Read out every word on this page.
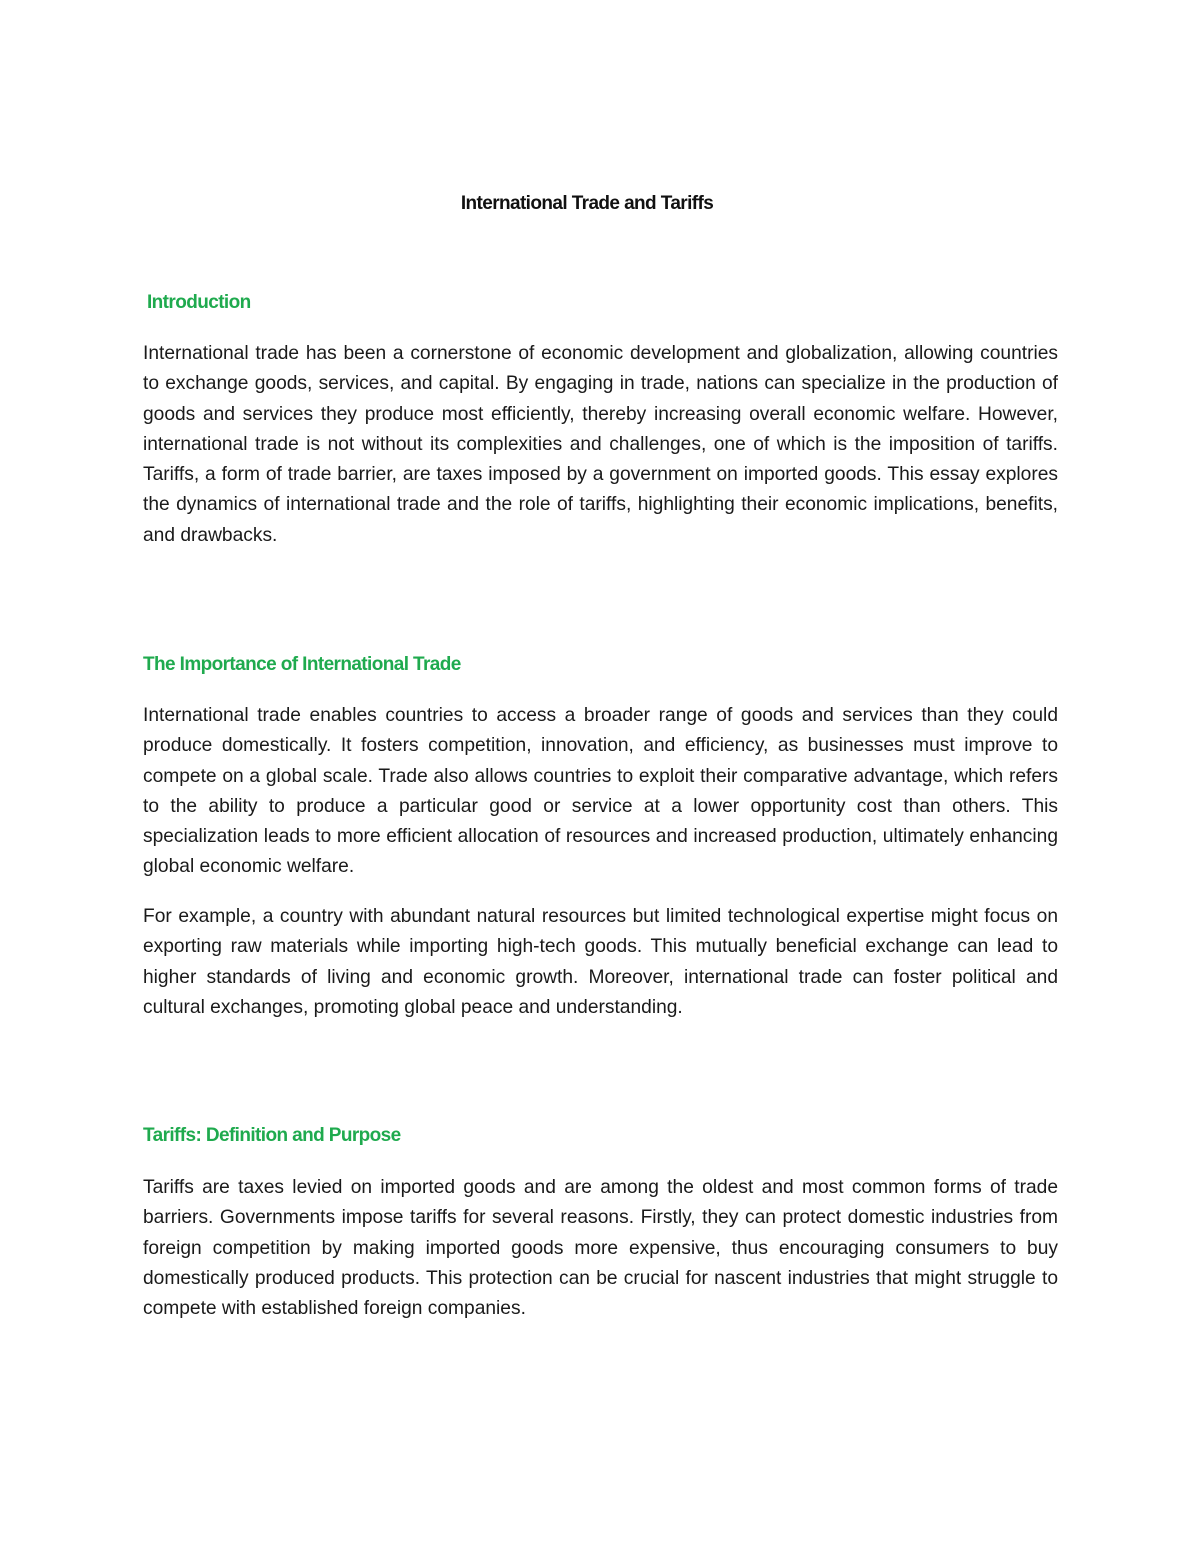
International Trade and Tariffs
Introduction

International trade has been a cornerstone of economic development and globalization, allowing countries to exchange goods, services, and capital. By engaging in trade, nations can specialize in the production of goods and services they produce most efficiently, thereby increasing overall economic welfare. However, international trade is not without its complexities and challenges, one of which is the imposition of tariffs. Tariffs, a form of trade barrier, are taxes imposed by a government on imported goods. This essay explores the dynamics of international trade and the role of tariffs, highlighting their economic implications, benefits, and drawbacks.

The Importance of International Trade

International trade enables countries to access a broader range of goods and services than they could produce domestically. It fosters competition, innovation, and efficiency, as businesses must improve to compete on a global scale. Trade also allows countries to exploit their comparative advantage, which refers to the ability to produce a particular good or service at a lower opportunity cost than others. This specialization leads to more efficient allocation of resources and increased production, ultimately enhancing global economic welfare.

For example, a country with abundant natural resources but limited technological expertise might focus on exporting raw materials while importing high-tech goods. This mutually beneficial exchange can lead to higher standards of living and economic growth. Moreover, international trade can foster political and cultural exchanges, promoting global peace and understanding.

Tariffs: Definition and Purpose

Tariffs are taxes levied on imported goods and are among the oldest and most common forms of trade barriers. Governments impose tariffs for several reasons. Firstly, they can protect domestic industries from foreign competition by making imported goods more expensive, thus encouraging consumers to buy domestically produced products. This protection can be crucial for nascent industries that might struggle to compete with established foreign companies.
